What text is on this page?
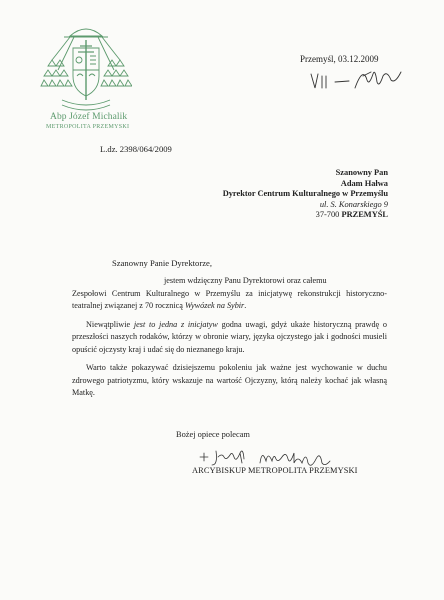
Abp Józef Michalik
METROPOLITA PRZEMYSKI
Przemyśl, 03.12.2009
L.dz. 2398/064/2009
Szanowny Pan
Adam Hałwa
Dyrektor Centrum Kulturalnego w Przemyślu
ul. S. Konarskiego 9
37-700 PRZEMYŚL
Szanowny Panie Dyrektorze,

jestem wdzięczny Panu Dyrektorowi oraz całemu
Zespołowi Centrum Kulturalnego w Przemyślu za inicjatywę rekonstrukcji historyczno-teatralnej związanej z 70 rocznicą Wywózek na Sybir.

Niewątpliwie jest to jedna z inicjatyw godna uwagi, gdyż ukaże historyczną prawdę o przeszłości naszych rodaków, którzy w obronie wiary, języka ojczystego jak i godności musieli opuścić ojczysty kraj i udać się do nieznanego kraju.

Warto także pokazywać dzisiejszemu pokoleniu jak ważne jest wychowanie w duchu zdrowego patriotyzmu, który wskazuje na wartość Ojczyzny, którą należy kochać jak własną Matkę.

Bożej opiece polecam
ARCYBISKUP METROPOLITA PRZEMYSKI
